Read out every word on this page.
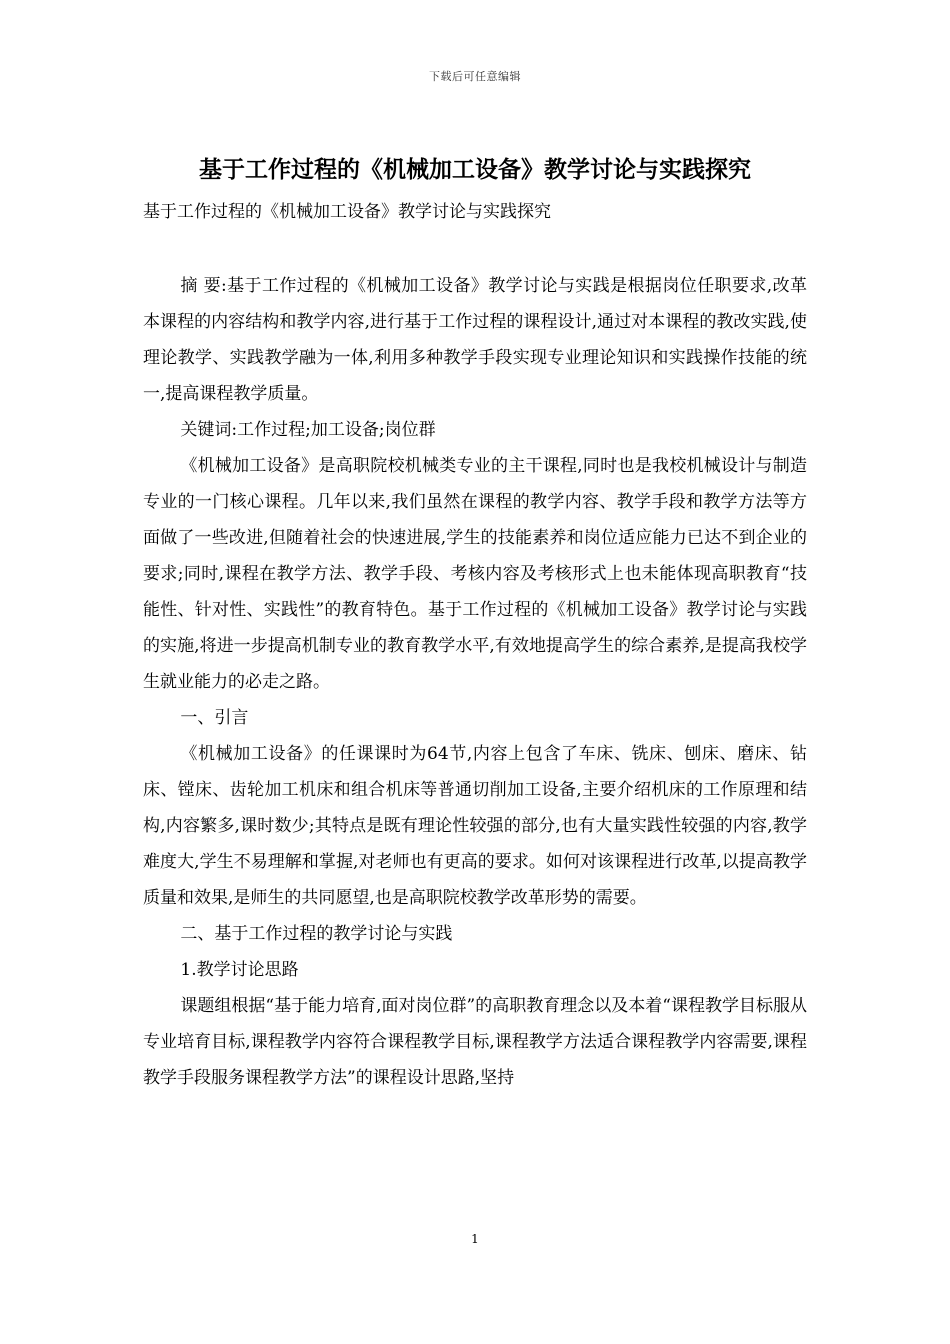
下载后可任意编辑
基于工作过程的《机械加工设备》教学讨论与实践探究
基于工作过程的《机械加工设备》教学讨论与实践探究

摘 要:基于工作过程的《机械加工设备》教学讨论与实践是根据岗位任职要求,改革本课程的内容结构和教学内容,进行基于工作过程的课程设计,通过对本课程的教改实践,使理论教学、实践教学融为一体,利用多种教学手段实现专业理论知识和实践操作技能的统一,提高课程教学质量。

关键词:工作过程;加工设备;岗位群

《机械加工设备》是高职院校机械类专业的主干课程,同时也是我校机械设计与制造专业的一门核心课程。几年以来,我们虽然在课程的教学内容、教学手段和教学方法等方面做了一些改进,但随着社会的快速进展,学生的技能素养和岗位适应能力已达不到企业的要求;同时,课程在教学方法、教学手段、考核内容及考核形式上也未能体现高职教育“技能性、针对性、实践性”的教育特色。基于工作过程的《机械加工设备》教学讨论与实践的实施,将进一步提高机制专业的教育教学水平,有效地提高学生的综合素养,是提高我校学生就业能力的必走之路。

一、引言

《机械加工设备》的任课课时为64节,内容上包含了车床、铣床、刨床、磨床、钻床、镗床、齿轮加工机床和组合机床等普通切削加工设备,主要介绍机床的工作原理和结构,内容繁多,课时数少;其特点是既有理论性较强的部分,也有大量实践性较强的内容,教学难度大,学生不易理解和掌握,对老师也有更高的要求。如何对该课程进行改革,以提高教学质量和效果,是师生的共同愿望,也是高职院校教学改革形势的需要。

二、基于工作过程的教学讨论与实践

1.教学讨论思路

课题组根据“基于能力培育,面对岗位群”的高职教育理念以及本着“课程教学目标服从专业培育目标,课程教学内容符合课程教学目标,课程教学方法适合课程教学内容需要,课程教学手段服务课程教学方法”的课程设计思路,坚持

1
